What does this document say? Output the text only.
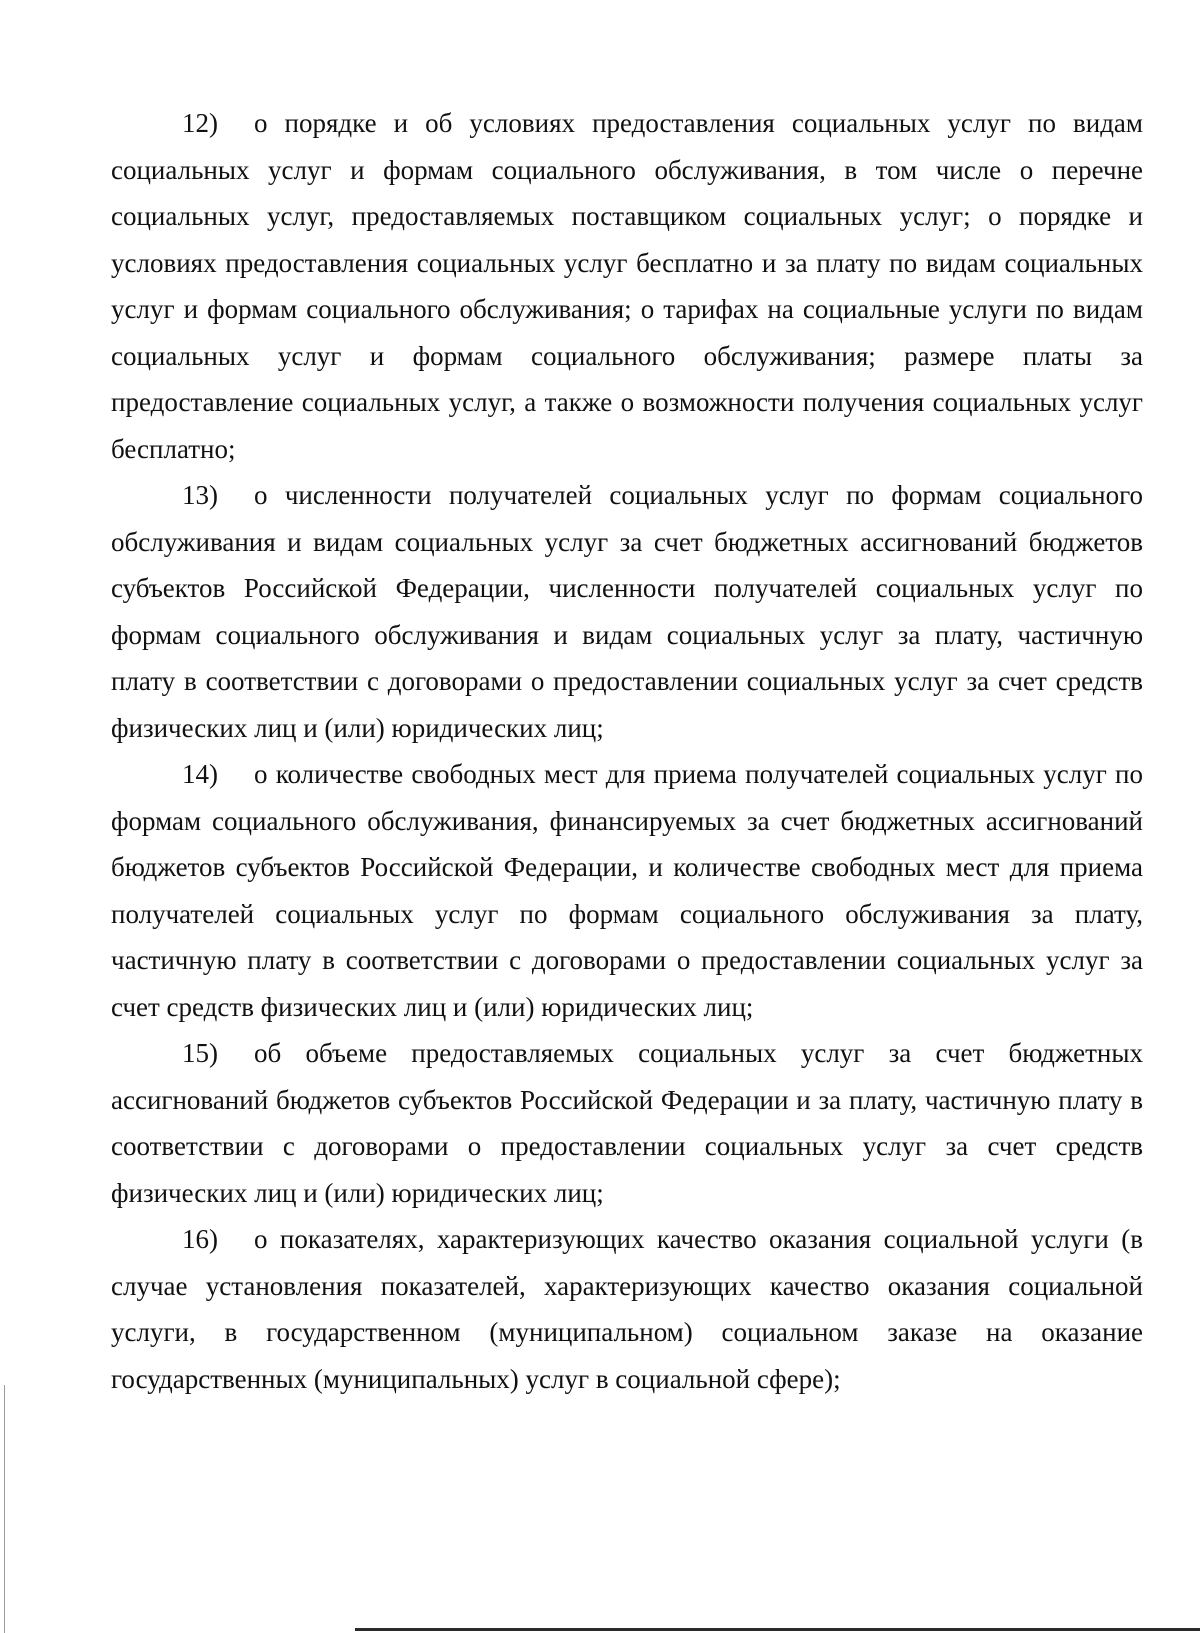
12) о порядке и об условиях предоставления социальных услуг по видам социальных услуг и формам социального обслуживания, в том числе о перечне социальных услуг, предоставляемых поставщиком социальных услуг; о порядке и условиях предоставления социальных услуг бесплатно и за плату по видам социальных услуг и формам социального обслуживания; о тарифах на социальные услуги по видам социальных услуг и формам социального обслуживания; размере платы за предоставление социальных услуг, а также о возможности получения социальных услуг бесплатно;

13) о численности получателей социальных услуг по формам социального обслуживания и видам социальных услуг за счет бюджетных ассигнований бюджетов субъектов Российской Федерации, численности получателей социальных услуг по формам социального обслуживания и видам социальных услуг за плату, частичную плату в соответствии с договорами о предоставлении социальных услуг за счет средств физических лиц и (или) юридических лиц;

14) о количестве свободных мест для приема получателей социальных услуг по формам социального обслуживания, финансируемых за счет бюджетных ассигнований бюджетов субъектов Российской Федерации, и количестве свободных мест для приема получателей социальных услуг по формам социального обслуживания за плату, частичную плату в соответствии с договорами о предоставлении социальных услуг за счет средств физических лиц и (или) юридических лиц;

15) об объеме предоставляемых социальных услуг за счет бюджетных ассигнований бюджетов субъектов Российской Федерации и за плату, частичную плату в соответствии с договорами о предоставлении социальных услуг за счет средств физических лиц и (или) юридических лиц;

16) о показателях, характеризующих качество оказания социальной услуги (в случае установления показателей, характеризующих качество оказания социальной услуги, в государственном (муниципальном) социальном заказе на оказание государственных (муниципальных) услуг в социальной сфере);
